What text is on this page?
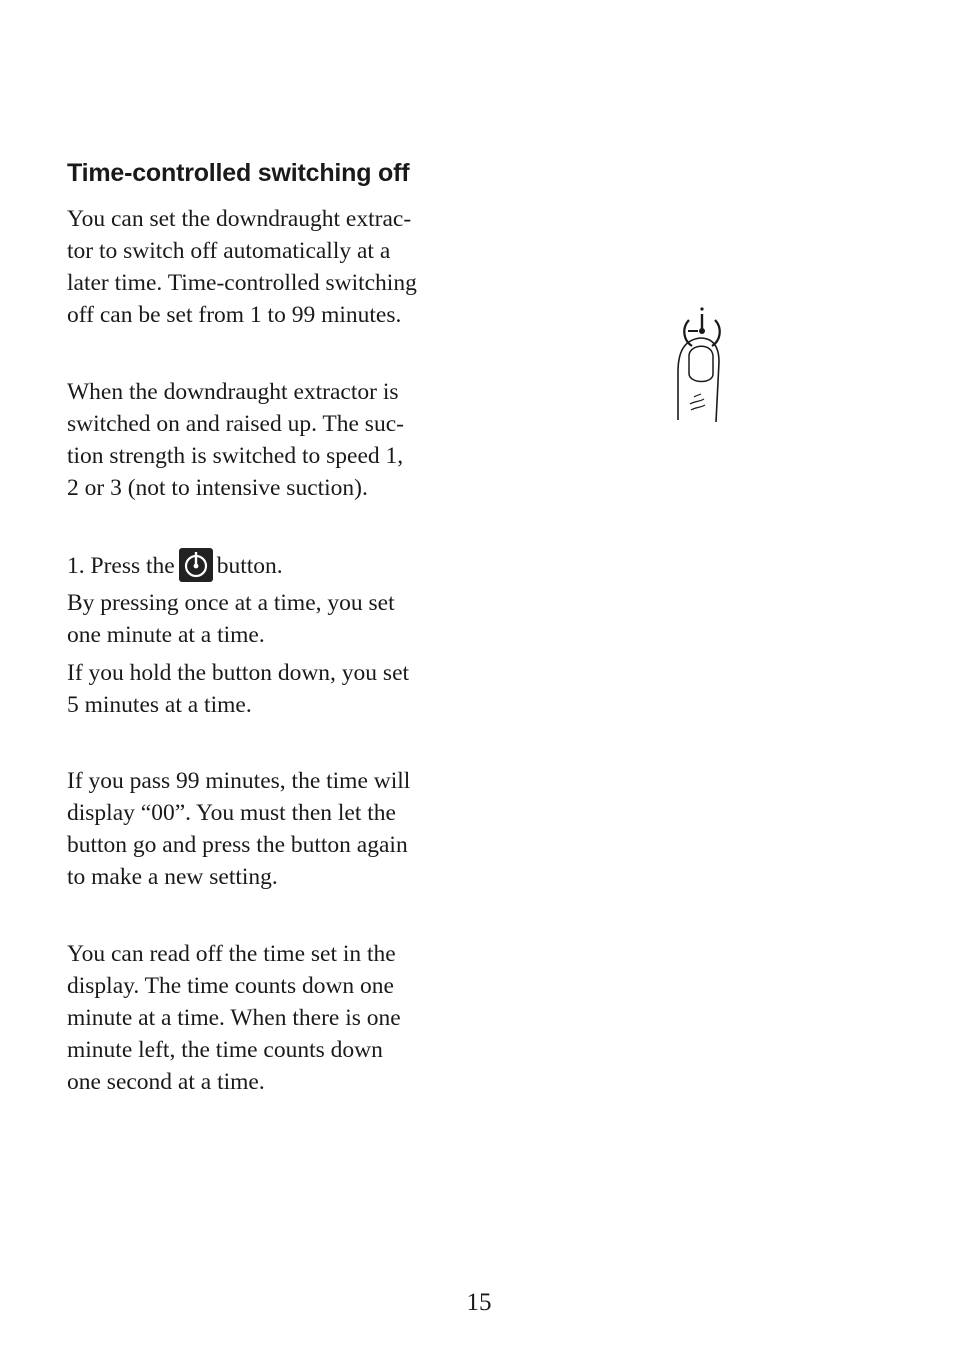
Time-controlled switching off

You can set the downdraught extrac-
tor to switch off automatically at a
later time. Time-controlled switching
off can be set from 1 to 99 minutes.

When the downdraught extractor is
switched on and raised up. The suc-
tion strength is switched to speed 1,
2 or 3 (not to intensive suction).

1. Press the button.

By pressing once at a time, you set
one minute at a time.

If you hold the button down, you set
5 minutes at a time.

If you pass 99 minutes, the time will
display “00”. You must then let the
button go and press the button again
to make a new setting.

You can read off the time set in the
display. The time counts down one
minute at a time. When there is one
minute left, the time counts down
one second at a time.

15
